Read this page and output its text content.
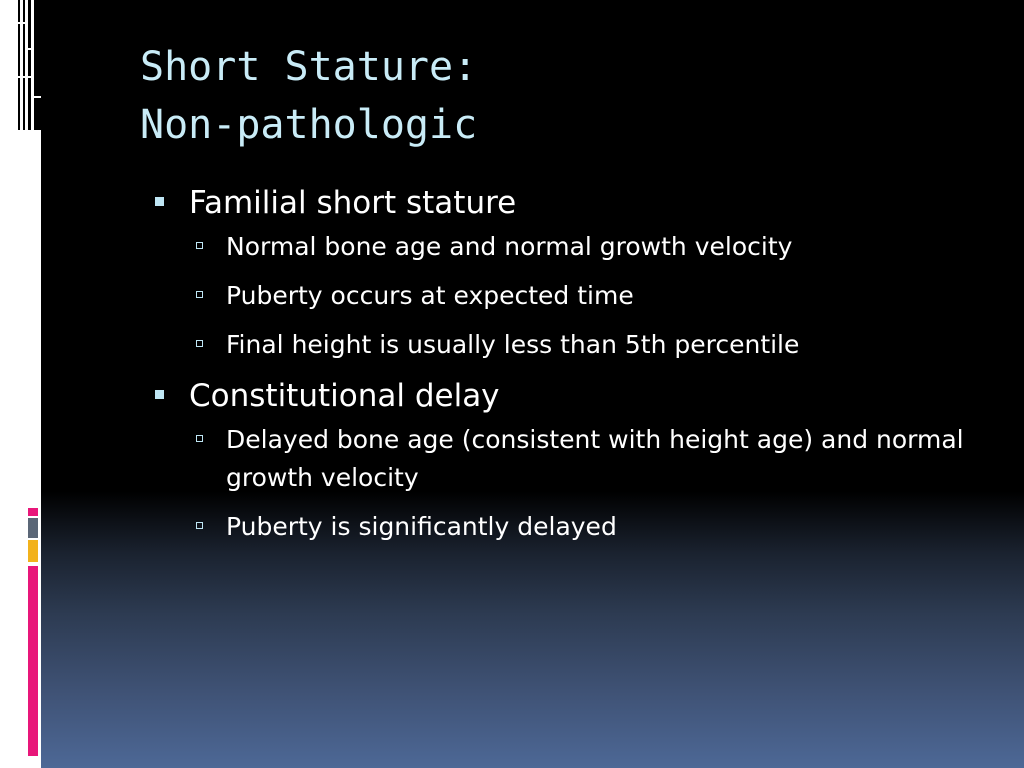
Short Stature:
Non-pathologic
Familial short stature
Normal bone age and normal growth velocity
Puberty occurs at expected time
Final height is usually less than 5th percentile
Constitutional delay
Delayed bone age (consistent with height age) and normal growth velocity
Puberty is significantly delayed
